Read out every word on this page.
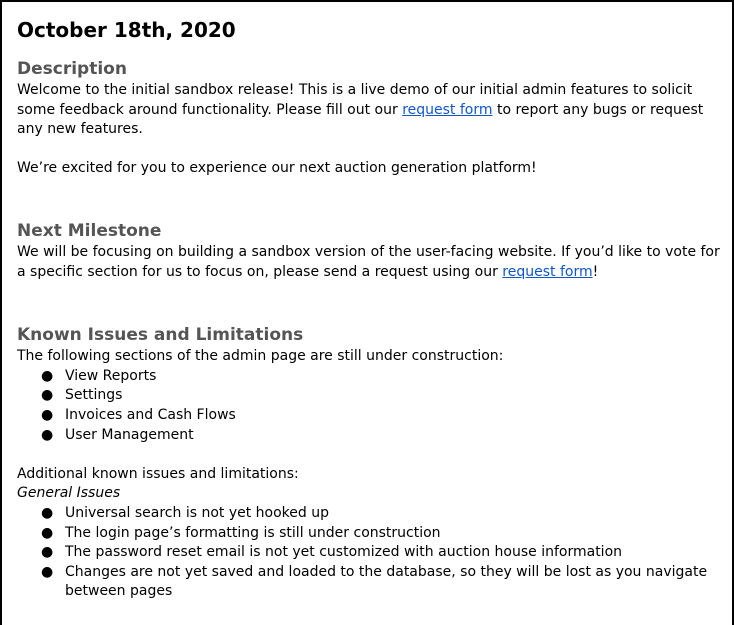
October 18th, 2020
Description

Welcome to the initial sandbox release! This is a live demo of our initial admin features to solicit some feedback around functionality. Please fill out our request form to report any bugs or request any new features.

We’re excited for you to experience our next auction generation platform!

Next Milestone

We will be focusing on building a sandbox version of the user-facing website. If you’d like to vote for a specific section for us to focus on, please send a request using our request form!

Known Issues and Limitations

The following sections of the admin page are still under construction:

● View Reports
● Settings
● Invoices and Cash Flows
● User Management

Additional known issues and limitations:

General Issues

● Universal search is not yet hooked up
● The login page’s formatting is still under construction
● The password reset email is not yet customized with auction house information
● Changes are not yet saved and loaded to the database, so they will be lost as you navigate between pages
